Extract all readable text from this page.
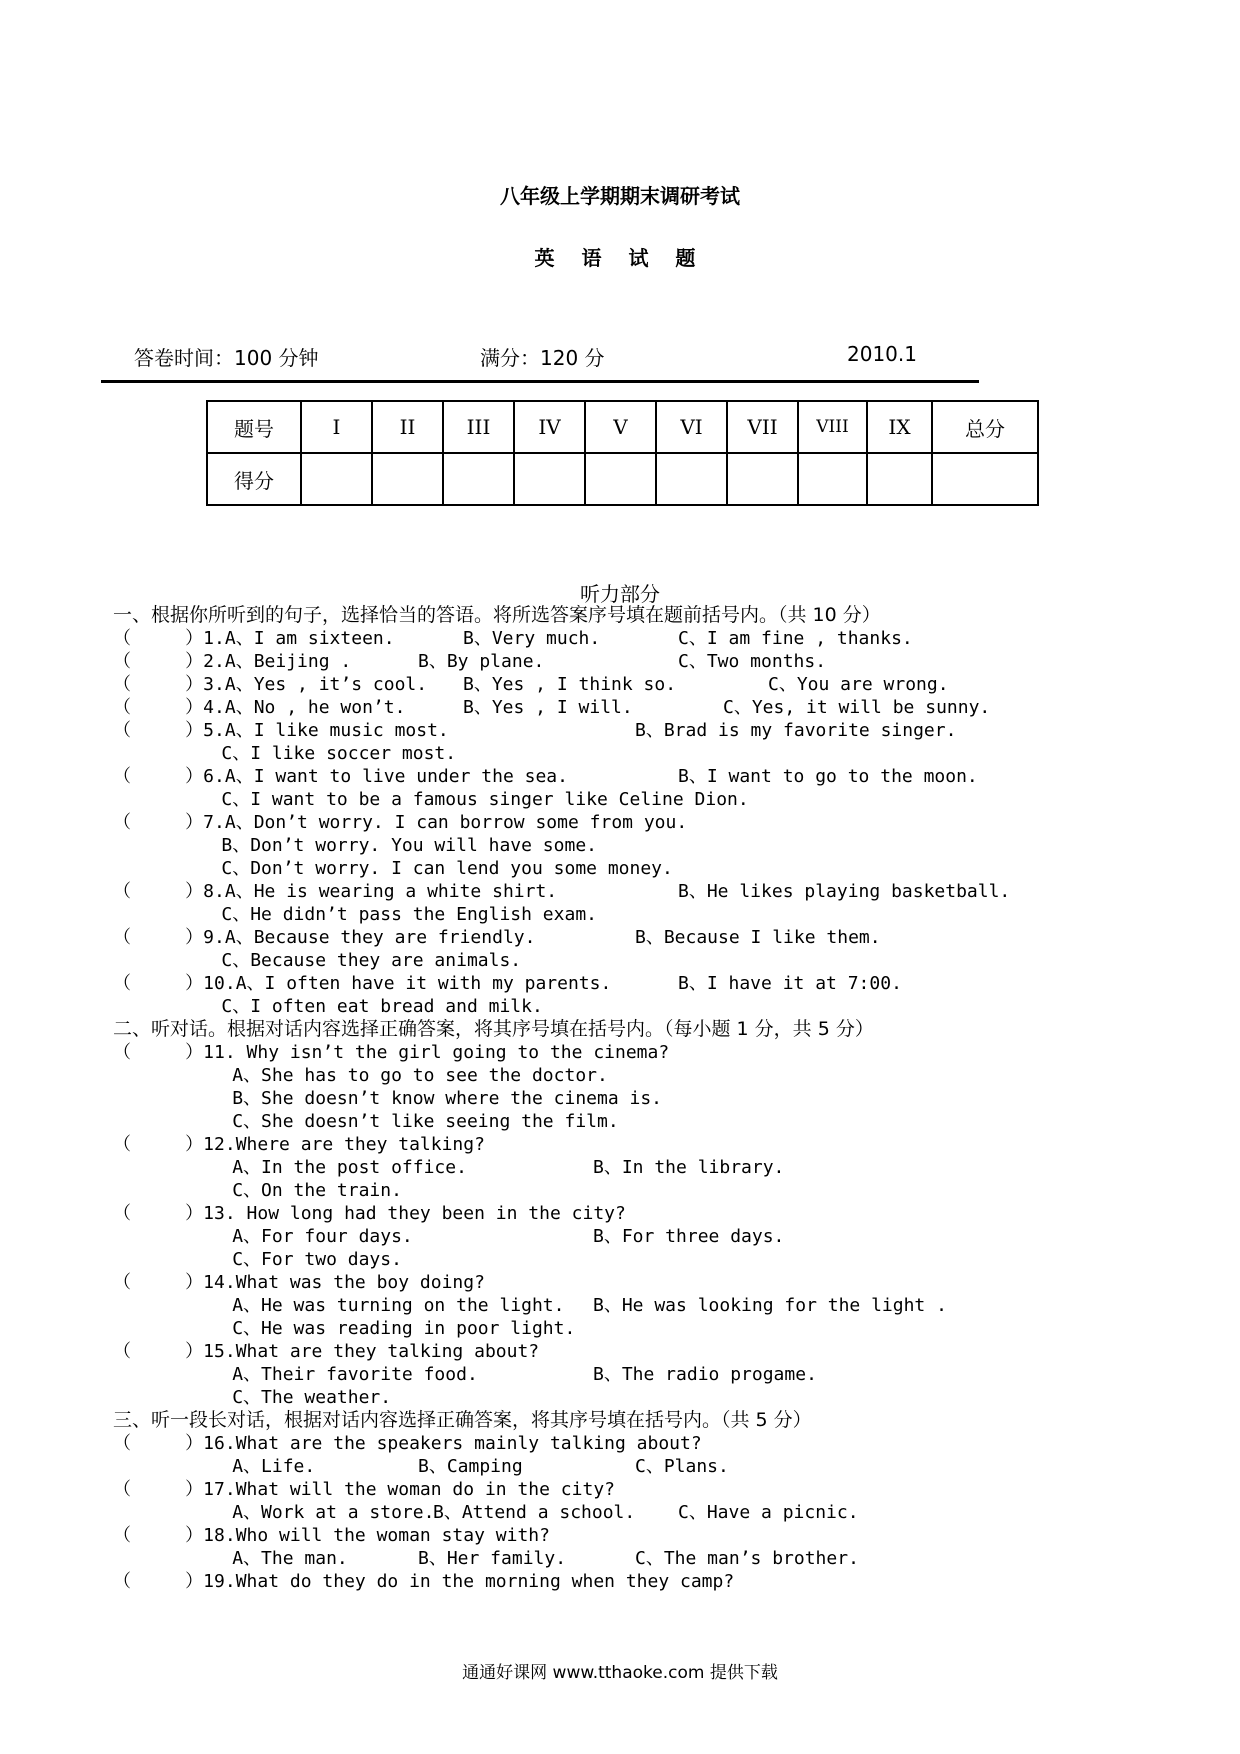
八年级上学期期末调研考试
英 语 试 题
答卷时间：100 分钟	满分：120 分	2010.1
题号	I	II	III	IV	V	VI	VII	VIII	IX	总分
得分										
听力部分
一、根据你所听到的句子，选择恰当的答语。将所选答案序号填在题前括号内。（共 10 分）
（     ）1.A、I am sixteen.	B、Very much.	C、I am fine , thanks.
（     ）2.A、Beijing .	B、By plane.	C、Two months.
（     ）3.A、Yes , it’s cool. B、Yes , I think so.	C、You are wrong.
（     ）4.A、No , he won’t.	B、Yes , I will.	C、Yes, it will be sunny.
（     ）5.A、I like music most.	B、Brad is my favorite singer.
C、I like soccer most.
（     ）6.A、I want to live under the sea.	B、I want to go to the moon.
C、I want to be a famous singer like Celine Dion.
（     ）7.A、Don’t worry. I can borrow some from you.
B、Don’t worry. You will have some.
C、Don’t worry. I can lend you some money.
（     ）8.A、He is wearing a white shirt.	B、He likes playing basketball.
C、He didn’t pass the English exam.
（     ）9.A、Because they are friendly.	B、Because I like them.
C、Because they are animals.
（     ）10.A、I often have it with my parents.	B、I have it at 7:00.
C、I often eat bread and milk.
二、听对话。根据对话内容选择正确答案，将其序号填在括号内。（每小题 1 分，共 5 分）
（     ）11. Why isn’t the girl going to the cinema?
A、She has to go to see the doctor.
B、She doesn’t know where the cinema is.
C、She doesn’t like seeing the film.
（     ）12.Where are they talking?
A、In the post office.	B、In the library.
C、On the train.
（     ）13. How long had they been in the city?
A、For four days.	B、For three days.
C、For two days.
（     ）14.What was the boy doing?
A、He was turning on the light. B、He was looking for the light .
C、He was reading in poor light.
（     ）15.What are they talking about?
A、Their favorite food.	B、The radio progame.
C、The weather.
三、听一段长对话，根据对话内容选择正确答案，将其序号填在括号内。（共 5 分）
（     ）16.What are the speakers mainly talking about?
A、Life.	B、Camping	C、Plans.
（     ）17.What will the woman do in the city?
A、Work at a store.
B、Attend a school. C、Have a picnic.
（     ）18.Who will the woman stay with?
A、The man.	B、Her family.	C、The man’s brother.
（     ）19.What do they do in the morning when they camp?
通通好课网 www.tthaoke.com 提供下载
